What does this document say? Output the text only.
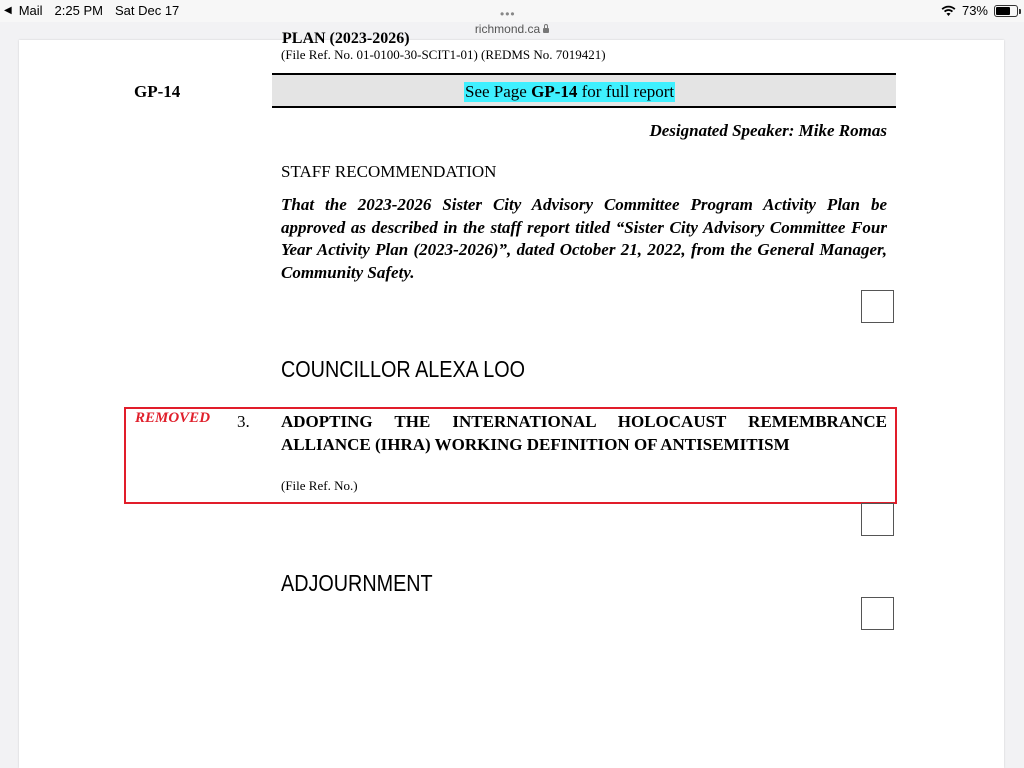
◀ Mail 2:25 PM Sat Dec 17	73%
•••
richmond.ca
PLAN (2023-2026)
(File Ref. No. 01-0100-30-SCIT1-01) (REDMS No. 7019421)
GP-14	See Page GP-14 for full report
Designated Speaker: Mike Romas
STAFF RECOMMENDATION
That the 2023-2026 Sister City Advisory Committee Program Activity Plan be approved as described in the staff report titled “Sister City Advisory Committee Four Year Activity Plan (2023-2026)”, dated October 21, 2022, from the General Manager, Community Safety.
COUNCILLOR ALEXA LOO
REMOVED 3. ADOPTING THE INTERNATIONAL HOLOCAUST REMEMBRANCE ALLIANCE (IHRA) WORKING DEFINITION OF ANTISEMITISM
(File Ref. No.)
ADJOURNMENT
